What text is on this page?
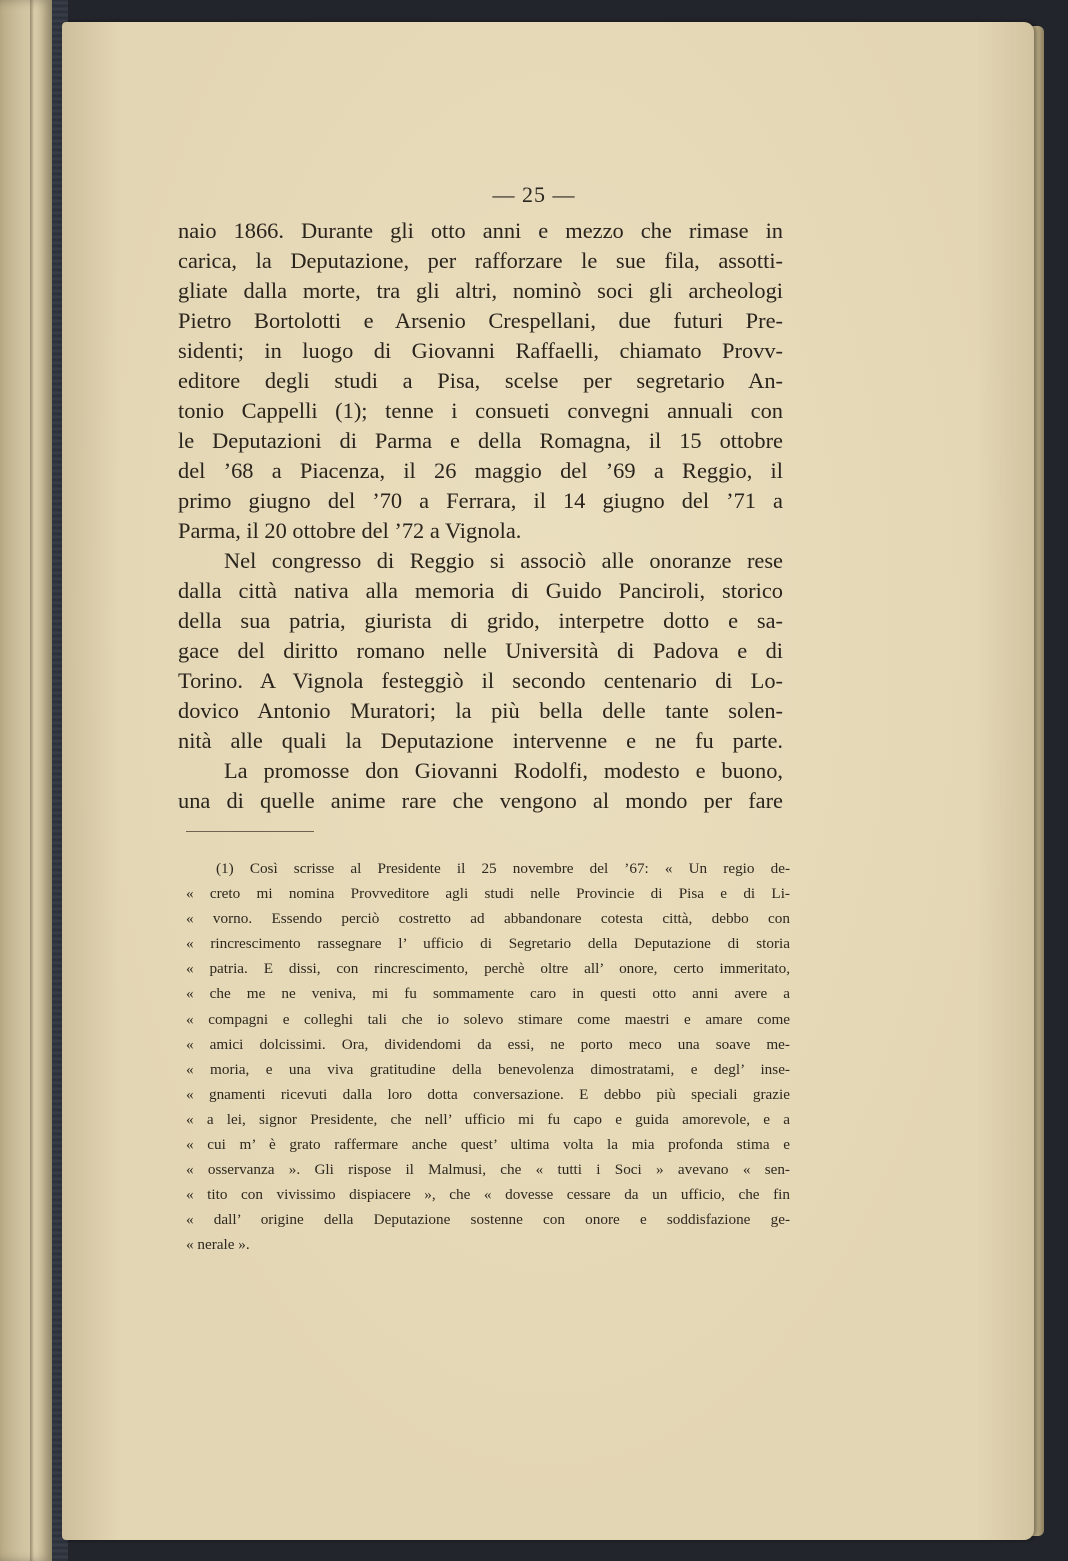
— 25 —
naio 1866. Durante gli otto anni e mezzo che rimase in
carica, la Deputazione, per rafforzare le sue fila, assotti-
gliate dalla morte, tra gli altri, nominò soci gli archeologi
Pietro Bortolotti e Arsenio Crespellani, due futuri Pre-
sidenti; in luogo di Giovanni Raffaelli, chiamato Provv-
editore degli studi a Pisa, scelse per segretario An-
tonio Cappelli (1); tenne i consueti convegni annuali con
le Deputazioni di Parma e della Romagna, il 15 ottobre
del ’68 a Piacenza, il 26 maggio del ’69 a Reggio, il
primo giugno del ’70 a Ferrara, il 14 giugno del ’71 a
Parma, il 20 ottobre del ’72 a Vignola.
Nel congresso di Reggio si associò alle onoranze rese
dalla città nativa alla memoria di Guido Panciroli, storico
della sua patria, giurista di grido, interpetre dotto e sa-
gace del diritto romano nelle Università di Padova e di
Torino. A Vignola festeggiò il secondo centenario di Lo-
dovico Antonio Muratori; la più bella delle tante solen-
nità alle quali la Deputazione intervenne e ne fu parte.
La promosse don Giovanni Rodolfi, modesto e buono,
una di quelle anime rare che vengono al mondo per fare
(1) Così scrisse al Presidente il 25 novembre del ’67: « Un regio de-
« creto mi nomina Provveditore agli studi nelle Provincie di Pisa e di Li-
« vorno. Essendo perciò costretto ad abbandonare cotesta città, debbo con
« rincrescimento rassegnare l’ ufficio di Segretario della Deputazione di storia
« patria. E dissi, con rincrescimento, perchè oltre all’ onore, certo immeritato,
« che me ne veniva, mi fu sommamente caro in questi otto anni avere a
« compagni e colleghi tali che io solevo stimare come maestri e amare come
« amici dolcissimi. Ora, dividendomi da essi, ne porto meco una soave me-
« moria, e una viva gratitudine della benevolenza dimostratami, e degl’ inse-
« gnamenti ricevuti dalla loro dotta conversazione. E debbo più speciali grazie
« a lei, signor Presidente, che nell’ ufficio mi fu capo e guida amorevole, e a
« cui m’ è grato raffermare anche quest’ ultima volta la mia profonda stima e
« osservanza ». Gli rispose il Malmusi, che « tutti i Soci » avevano « sen-
« tito con vivissimo dispiacere », che « dovesse cessare da un ufficio, che fin
« dall’ origine della Deputazione sostenne con onore e soddisfazione ge-
« nerale ».
